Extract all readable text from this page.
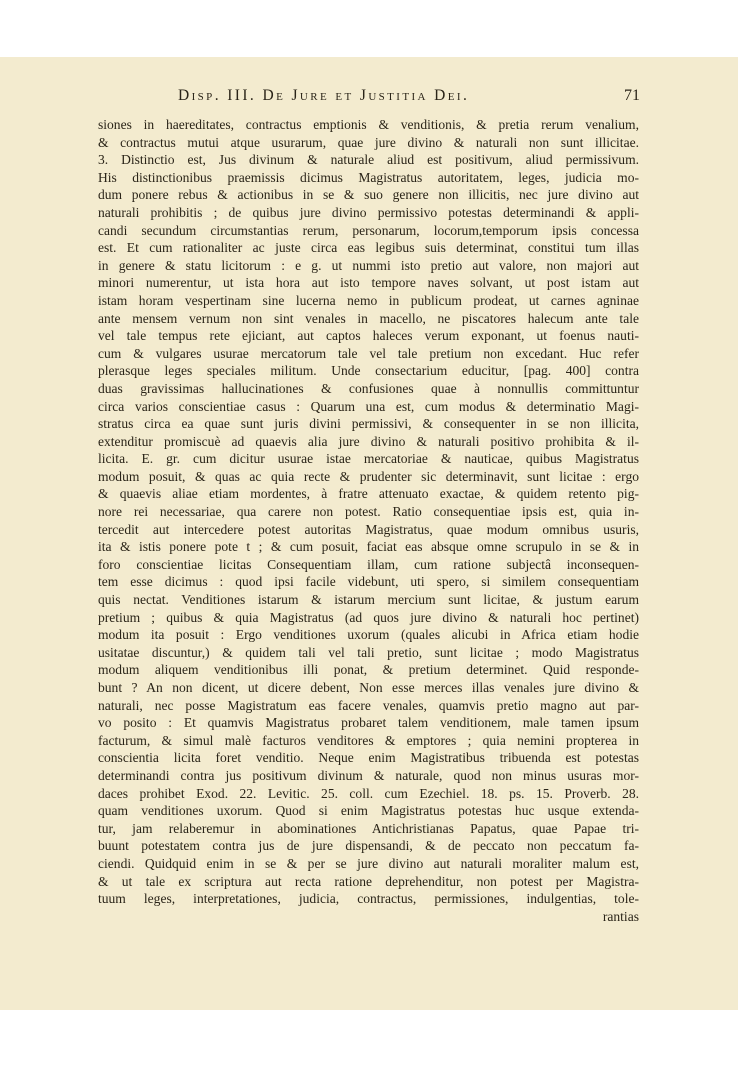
Disp. III. De Jure et Justitia Dei.	71
siones in haereditates, contractus emptionis & venditionis, & pretia rerum venalium,
& contractus mutui atque usurarum, quae jure divino & naturali non sunt illicitae.
3. Distinctio est, Jus divinum & naturale aliud est positivum, aliud permissivum.
His distinctionibus praemissis dicimus Magistratus autoritatem, leges, judicia mo-
dum ponere rebus & actionibus in se & suo genere non illicitis, nec jure divino aut
naturali prohibitis ; de quibus jure divino permissivo potestas determinandi & appli-
candi secundum circumstantias rerum, personarum, locorum,temporum ipsis concessa
est. Et cum rationaliter ac juste circa eas legibus suis determinat, constitui tum illas
in genere & statu licitorum : e g. ut nummi isto pretio aut valore, non majori aut
minori numerentur, ut ista hora aut isto tempore naves solvant, ut post istam aut
istam horam vespertinam sine lucerna nemo in publicum prodeat, ut carnes agninae
ante mensem vernum non sint venales in macello, ne piscatores halecum ante tale
vel tale tempus rete ejiciant, aut captos haleces verum exponant, ut foenus nauti-
cum & vulgares usurae mercatorum tale vel tale pretium non excedant. Huc refer
plerasque leges speciales militum. Unde consectarium educitur, [pag. 400] contra
duas gravissimas hallucinationes & confusiones quae à nonnullis committuntur
circa varios conscientiae casus : Quarum una est, cum modus & determinatio Magi-
stratus circa ea quae sunt juris divini permissivi, & consequenter in se non illicita,
extenditur promiscuè ad quaevis alia jure divino & naturali positivo prohibita & il-
licita. E. gr. cum dicitur usurae istae mercatoriae & nauticae, quibus Magistratus
modum posuit, & quas ac quia recte & prudenter sic determinavit, sunt licitae : ergo
& quaevis aliae etiam mordentes, à fratre attenuato exactae, & quidem retento pig-
nore rei necessariae, qua carere non potest. Ratio consequentiae ipsis est, quia in-
tercedit aut intercedere potest autoritas Magistratus, quae modum omnibus usuris,
ita & istis ponere pote t ; & cum posuit, faciat eas absque omne scrupulo in se & in
foro conscientiae licitas Consequentiam illam, cum ratione subjectâ inconsequen-
tem esse dicimus : quod ipsi facile videbunt, uti spero, si similem consequentiam
quis nectat. Venditiones istarum & istarum mercium sunt licitae, & justum earum
pretium ; quibus & quia Magistratus (ad quos jure divino & naturali hoc pertinet)
modum ita posuit : Ergo venditiones uxorum (quales alicubi in Africa etiam hodie
usitatae discuntur,) & quidem tali vel tali pretio, sunt licitae ; modo Magistratus
modum aliquem venditionibus illi ponat, & pretium determinet. Quid responde-
bunt ? An non dicent, ut dicere debent, Non esse merces illas venales jure divino &
naturali, nec posse Magistratum eas facere venales, quamvis pretio magno aut par-
vo posito : Et quamvis Magistratus probaret talem venditionem, male tamen ipsum
facturum, & simul malè facturos venditores & emptores ; quia nemini propterea in
conscientia licita foret venditio. Neque enim Magistratibus tribuenda est potestas
determinandi contra jus positivum divinum & naturale, quod non minus usuras mor-
daces prohibet Exod. 22. Levitic. 25. coll. cum Ezechiel. 18. ps. 15. Proverb. 28.
quam venditiones uxorum. Quod si enim Magistratus potestas huc usque extenda-
tur, jam relaberemur in abominationes Antichristianas Papatus, quae Papae tri-
buunt potestatem contra jus de jure dispensandi, & de peccato non peccatum fa-
ciendi. Quidquid enim in se & per se jure divino aut naturali moraliter malum est,
& ut tale ex scriptura aut recta ratione deprehenditur, non potest per Magistra-
tuum leges, interpretationes, judicia, contractus, permissiones, indulgentias, tole-
rantias
